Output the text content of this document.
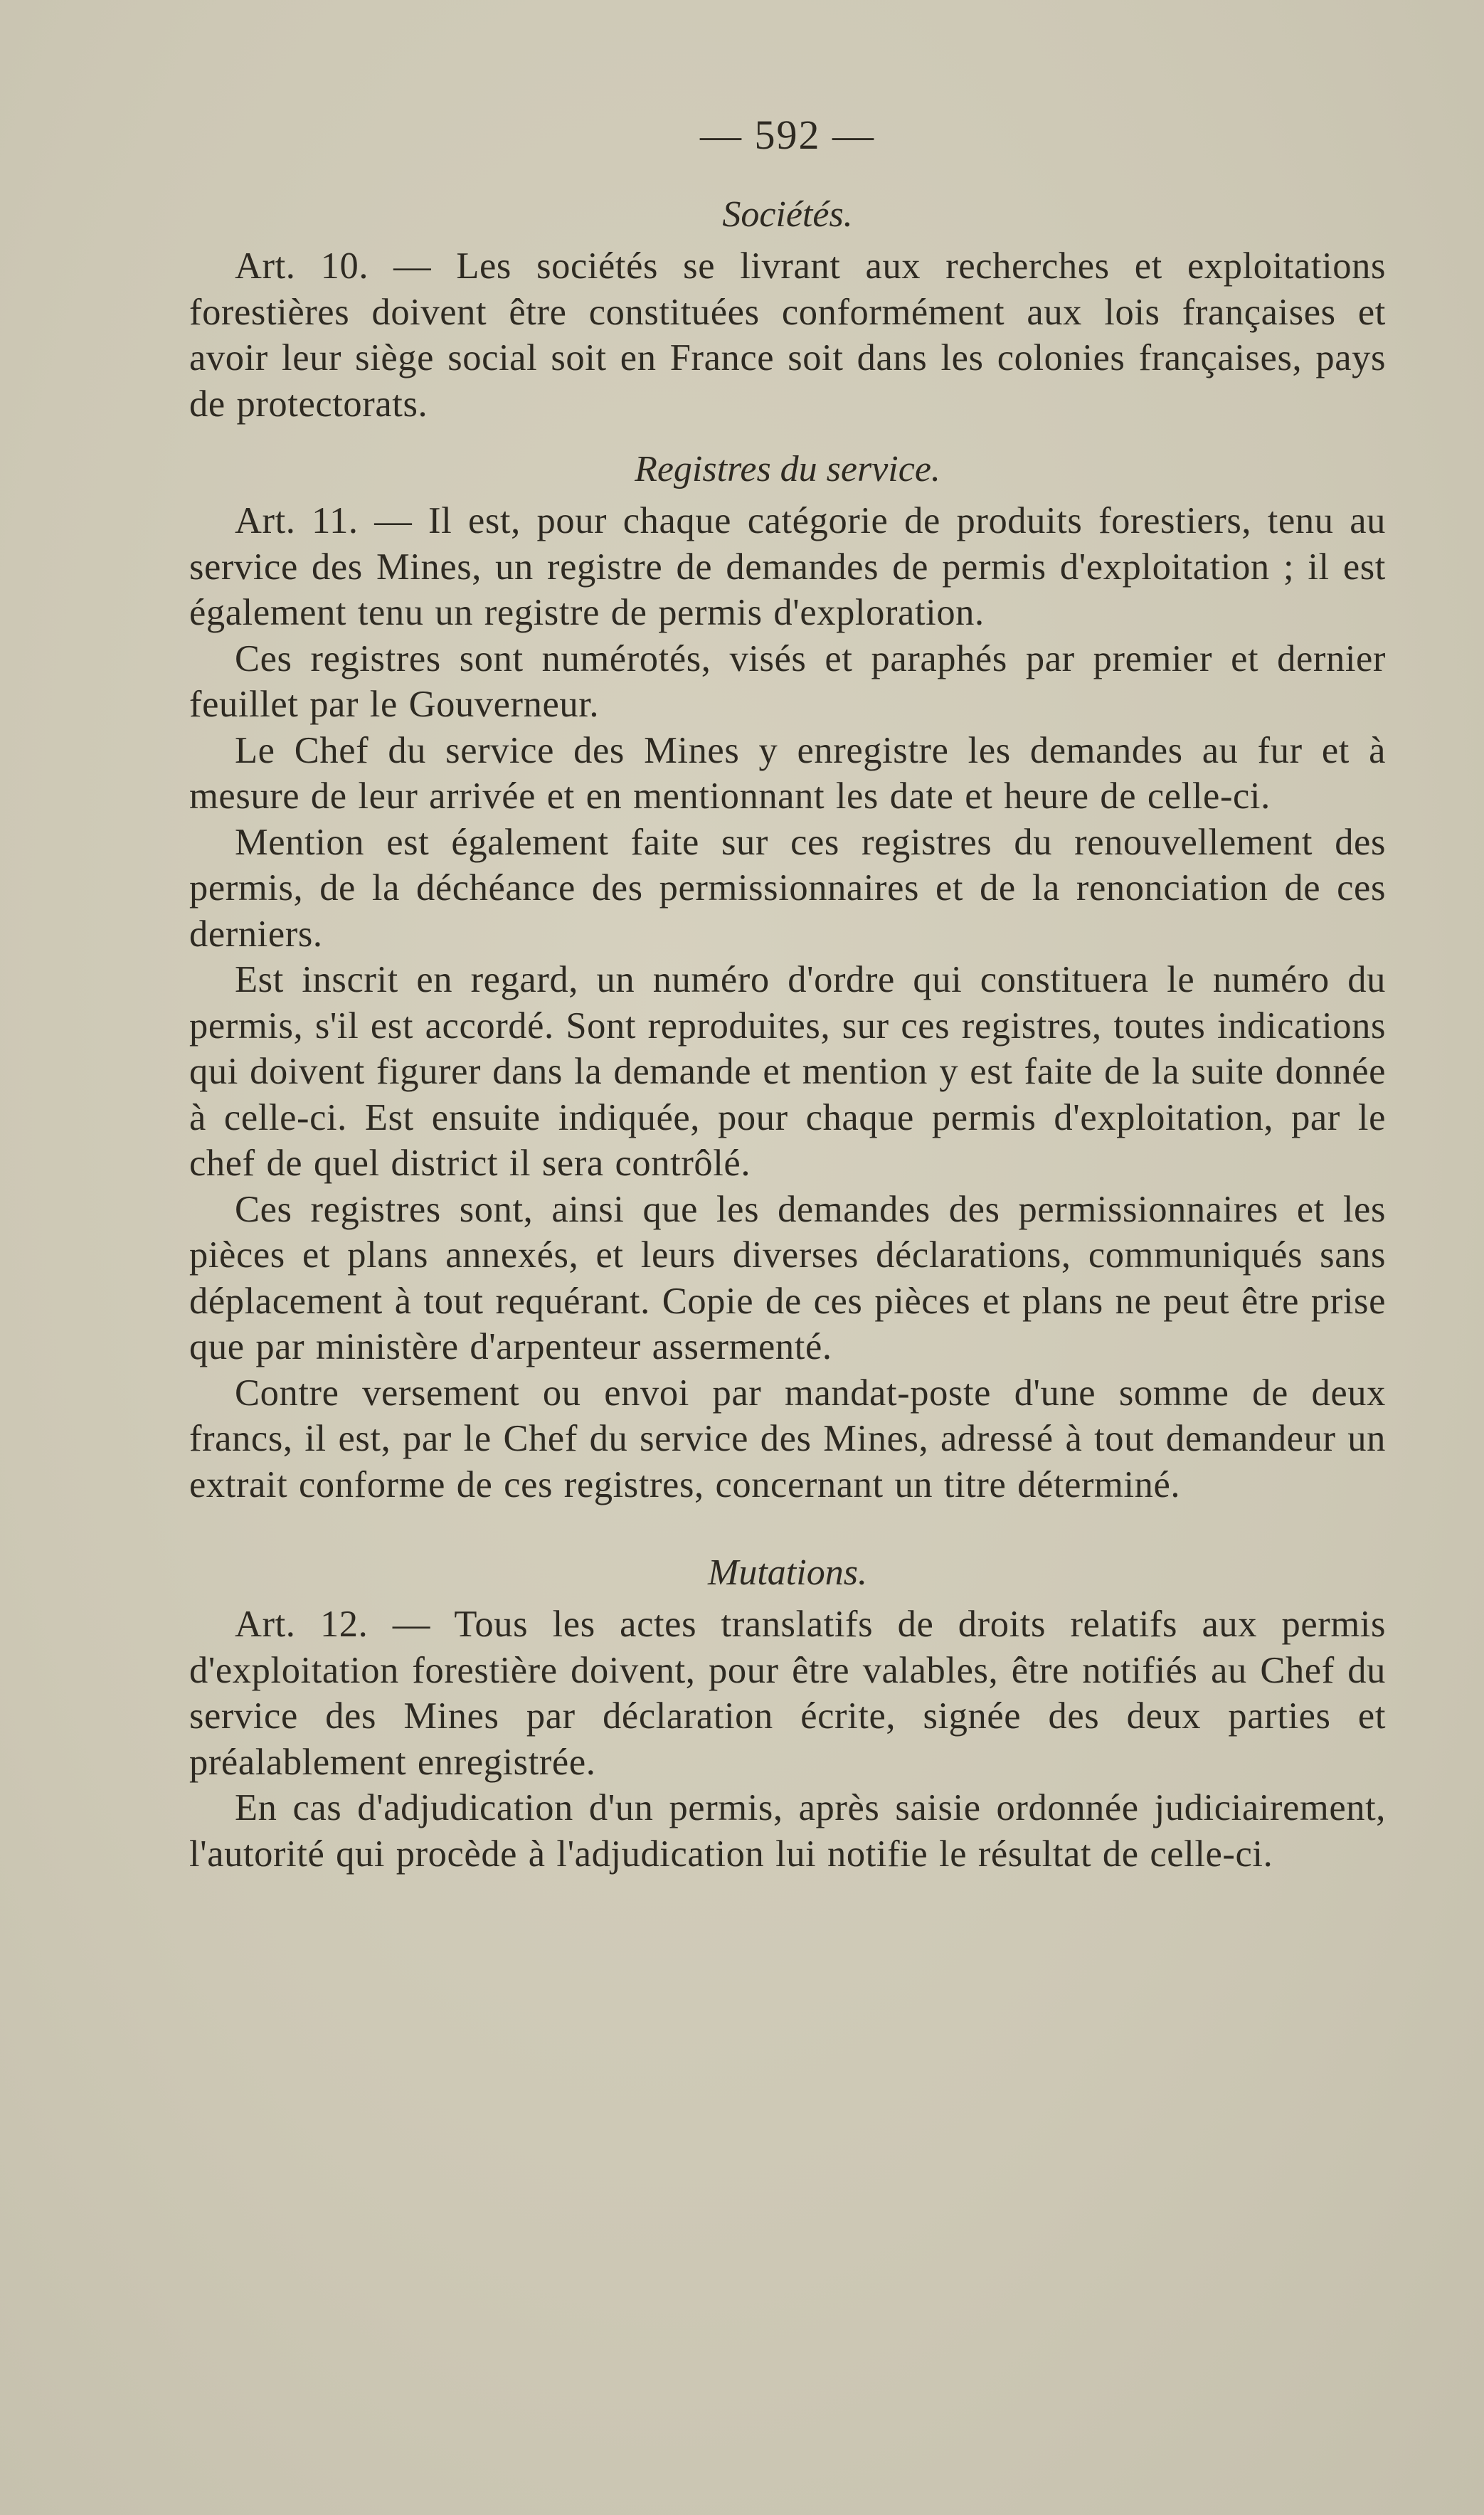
— 592 —
Sociétés.

Art. 10. — Les sociétés se livrant aux recherches et exploitations forestières doivent être constituées conformément aux lois françaises et avoir leur siège social soit en France soit dans les colonies françaises, pays de protectorats.

Registres du service.

Art. 11. — Il est, pour chaque catégorie de produits forestiers, tenu au service des Mines, un registre de demandes de permis d'exploitation ; il est également tenu un registre de permis d'exploration.

Ces registres sont numérotés, visés et paraphés par premier et dernier feuillet par le Gouverneur.

Le Chef du service des Mines y enregistre les demandes au fur et à mesure de leur arrivée et en mentionnant les date et heure de celle-ci.

Mention est également faite sur ces registres du renouvellement des permis, de la déchéance des permissionnaires et de la renonciation de ces derniers.

Est inscrit en regard, un numéro d'ordre qui constituera le numéro du permis, s'il est accordé. Sont reproduites, sur ces registres, toutes indications qui doivent figurer dans la demande et mention y est faite de la suite donnée à celle-ci. Est ensuite indiquée, pour chaque permis d'exploitation, par le chef de quel district il sera contrôlé.

Ces registres sont, ainsi que les demandes des permissionnaires et les pièces et plans annexés, et leurs diverses déclarations, communiqués sans déplacement à tout requérant. Copie de ces pièces et plans ne peut être prise que par ministère d'arpenteur assermenté.

Contre versement ou envoi par mandat-poste d'une somme de deux francs, il est, par le Chef du service des Mines, adressé à tout demandeur un extrait conforme de ces registres, concernant un titre déterminé.

Mutations.

Art. 12. — Tous les actes translatifs de droits relatifs aux permis d'exploitation forestière doivent, pour être valables, être notifiés au Chef du service des Mines par déclaration écrite, signée des deux parties et préalablement enregistrée.

En cas d'adjudication d'un permis, après saisie ordonnée judiciairement, l'autorité qui procède à l'adjudication lui notifie le résultat de celle-ci.
